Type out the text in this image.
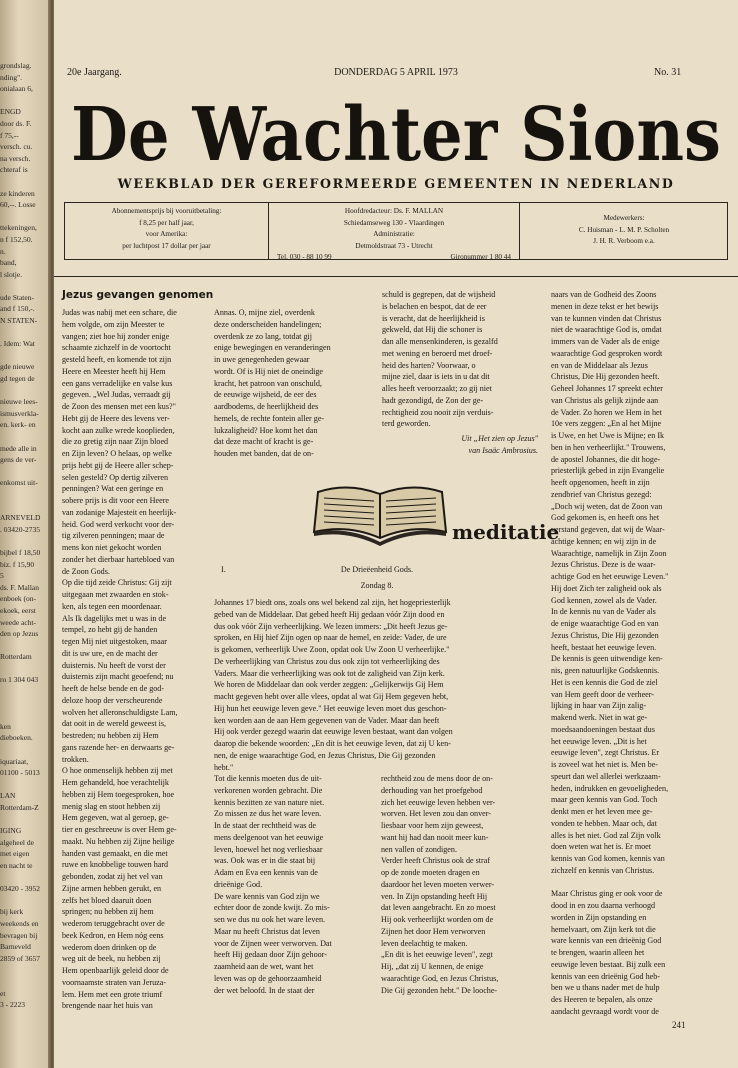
grondslag.
nding".
onialaan 6,
ENGD
door ds. F.
f 75,--
versch. cu.
na versch.
chteraf is
ze kinderen
60,--. Losse
ttekeningen,
n f 152,50.
n.
band,
l slotje.
ude Staten-
and f 150,-.
N STATEN-
. Idem: Wat
gde nieuwe
gd tegen de
nieuwe lees-
ismusverkla-
en. kerk- en
mede alle in
gens de ver-
enkomst uit-
ARNEVELD
. 03420-2735
bijbel f 18,50
biz. f 15,90
5
ds. F. Mallan
enboek (on-
ekoek, eerst
weede acht-
den op Jezus
Rotterdam
ro 1 304 043
ken
dieboeken.
iquariaat,
01100 - 5013
LAN
Rotterdam-Z
IGING
algeheel de
met eigen
en nacht te
03420 - 3952
bij kerk
weekends en
bevragen bij
Barneveld
2859 of 3657
et
3 - 2223
20e Jaargang.	DONDERDAG 5 APRIL 1973	No. 31
De Wachter Sions
WEEKBLAD DER GEREFORMEERDE GEMEENTEN IN NEDERLAND
Abonnementsprijs bij vooruitbetaling:
f 8,25 per half jaar,
voor Amerika:
per luchtpost 17 dollar per jaar
Hoofdredacteur: Ds. F. MALLAN
Schiedamseweg 130 - Vlaardingen
Administratie:
Detmoldstraat 73 - Utrecht
Tel. 030 - 88 10 99	Gironummer 1 80 44
Medewerkers:
C. Huisman - L. M. P. Scholten
J. H. R. Verboom e.a.
Jezus gevangen genomen
Judas was nabij met een schare, die
hem volgde, om zijn Meester te
vangen; ziet hoe hij zonder enige
schaamte zichzelf in de voortocht
gesteld heeft, en komende tot zijn
Heere en Meester heeft hij Hem
een gans verradelijke en valse kus
gegeven. „Wel Judas, verraadt gij
de Zoon des mensen met een kus?"
Hebt gij de Heere des levens ver-
kocht aan zulke wrede kooplieden,
die zo gretig zijn naar Zijn bloed
en Zijn leven? O helaas, op welke
prijs hebt gij de Heere aller schep-
selen gesteld? Op dertig zilveren
penningen? Wat een geringe en
sobere prijs is dit voor een Heere
van zodanige Majesteit en heerlijk-
heid. God werd verkocht voor der-
tig zilveren penningen; maar de
mens kon niet gekocht worden
zonder het dierbaar hartebloed van
de Zoon Gods.
Op die tijd zeide Christus: Gij zijt
uitgegaan met zwaarden en stok-
ken, als tegen een moordenaar.
Als Ik dagelijks met u was in de
tempel, zo hebt gij de handen
tegen Mij niet uitgestoken, maar
dit is uw ure, en de macht der
duisternis. Nu heeft de vorst der
duisternis zijn macht geoefend; nu
heeft de helse bende en de god-
deloze hoop der verscheurende
wolven het alleronschuldigste Lam,
dat ooit in de wereld geweest is,
bestreden; nu hebben zij Hem
gans razende her- en derwaarts ge-
trokken.
O hoe onmenselijk hebben zij met
Hem gehandeld, hoe verachtelijk
hebben zij Hem toegesproken, hoe
menig slag en stoot hebben zij
Hem gegeven, wat al geroep, ge-
tier en geschreeuw is over Hem ge-
maakt. Nu hebben zij Zijne heilige
handen vast gemaakt, en die met
ruwe en knobbelige touwen hard
gebonden, zodat zij het vel van
Zijne armen hebben gerukt, en
zelfs het bloed daaruit doen
springen; nu hebben zij hem
wederom teruggebracht over de
beek Kedron, en Hem nóg eens
wederom doen drinken op de
weg uit de beek, nu hebben zij
Hem openbaarlijk geleid door de
voornaamste straten van Jeruza-
lem. Hem met een grote triumf
brengende naar het huis van
Annas. O, mijne ziel, overdenk
deze onderscheiden handelingen;
overdenk ze zo lang, totdat gij
enige bewegingen en veranderingen
in uwe genegenheden gewaar
wordt. Of is Hij niet de oneindige
kracht, het patroon van onschuld,
de eeuwige wijsheid, de eer des
aardbodems, de heerlijkheid des
hemels, de rechte fontein aller ge-
lukzaligheid? Hoe komt het dan
dat deze macht of kracht is ge-
houden met banden, dat de on-
schuld is gegrepen, dat de wijsheid
is belachen en bespot, dat de eer
is veracht, dat de heerlijkheid is
gekweld, dat Hij die schoner is
dan alle mensenkinderen, is gezalfd
met wening en beroerd met droef-
heid des harten? Voorwaar, o
mijne ziel, daar is iets in u dat dit
alles heeft veroorzaakt; zo gij niet
hadt gezondigd, de Zon der ge-
rechtigheid zou nooit zijn verduis-
terd geworden.
Uit „Het zien op Jezus"
van Isaäc Ambrosius.
meditatie
I.	De Drieëenheid Gods.
Zondag 8.
Johannes 17 biedt ons, zoals ons wel bekend zal zijn, het hogepriesterlijk
gebed van de Middelaar. Dat gebed heeft Hij gedaan vóór Zijn dood en
dus ook vóór Zijn verheerlijking. We lezen immers: „Dit heeft Jezus ge-
sproken, en Hij hief Zijn ogen op naar de hemel, en zeide: Vader, de ure
is gekomen, verheerlijk Uwe Zoon, opdat ook Uw Zoon U verheerlijke."
De verheerlijking van Christus zou dus ook zijn tot verheerlijking des
Vaders. Maar die verheerlijking was ook tot de zaligheid van Zijn kerk.
We horen de Middelaar dan ook verder zeggen: „Gelijkerwijs Gij Hem
macht gegeven hebt over alle vlees, opdat al wat Gij Hem gegeven hebt,
Hij hun het eeuwige leven geve." Het eeuwige leven moet dus geschon-
ken worden aan de aan Hem gegevenen van de Vader. Maar dan heeft
Hij ook verder gezegd waarin dat eeuwige leven bestaat, want dan volgen
daarop die bekende woorden: „En dit is het eeuwige leven, dat zij U ken-
nen, de enige waarachtige God, en Jezus Christus, Die Gij gezonden
hebt."
Tot die kennis moeten dus de uit-
verkorenen worden gebracht. Die
kennis bezitten ze van nature niet.
Zo missen ze dus het ware leven.
In de staat der rechtheid was de
mens deelgenoot van het eeuwige
leven, hoewel het nog verliesbaar
was. Ook was er in die staat bij
Adam en Eva een kennis van de
drieënige God.
De ware kennis van God zijn we
echter door de zonde kwijt. Zo mis-
sen we dus nu ook het ware leven.
Maar nu heeft Christus dat leven
voor de Zijnen weer verworven. Dat
heeft Hij gedaan door Zijn gehoor-
zaamheid aan de wet, want het
leven was op de gehoorzaamheid
der wet beloofd. In de staat der
rechtheid zou de mens door de on-
derhouding van het proefgebod
zich het eeuwige leven hebben ver-
worven. Het leven zou dan onver-
liesbaar voor hem zijn geweest,
want hij had dan nooit meer kun-
nen vallen of zondigen.
Verder heeft Christus ook de straf
op de zonde moeten dragen en
daardoor het leven moeten verwer-
ven. In Zijn opstanding heeft Hij
dat leven aangebracht. En zo moest
Hij ook verheerlijkt worden om de
Zijnen het door Hem verworven
leven deelachtig te maken.
„En dit is het eeuwige leven", zegt
Hij, „dat zij U kennen, de enige
waarachtige God, en Jezus Christus,
Die Gij gezonden hebt." De looche-
naars van de Godheid des Zoons
menen in deze tekst er het bewijs
van te kunnen vinden dat Christus
niet de waarachtige God is, omdat
immers van de Vader als de enige
waarachtige God gesproken wordt
en van de Middelaar als Jezus
Christus, Die Hij gezonden heeft.
Geheel Johannes 17 spreekt echter
van Christus als gelijk zijnde aan
de Vader. Zo horen we Hem in het
10e vers zeggen: „En al het Mijne
is Uwe, en het Uwe is Mijne; en Ik
ben in hen verheerlijkt." Trouwens,
de apostel Johannes, die dit hoge-
priesterlijk gebed in zijn Evangelie
heeft opgenomen, heeft in zijn
zendbrief van Christus gezegd:
„Doch wij weten, dat de Zoon van
God gekomen is, en heeft ons het
verstand gegeven, dat wij de Waar-
achtige kennen; en wij zijn in de
Waarachtige, namelijk in Zijn Zoon
Jezus Christus. Deze is de waar-
achtige God en het eeuwige Leven."
Hij doet Zich ter zaligheid ook als
God kennen, zowel als de Vader.
In de kennis nu van de Vader als
de enige waarachtige God en van
Jezus Christus, Die Hij gezonden
heeft, bestaat het eeuwige leven.
De kennis is geen uitwendige ken-
nis, geen natuurlijke Godskennis.
Het is een kennis die God de ziel
van Hem geeft door de verheer-
lijking in haar van Zijn zalig-
makend werk. Niet in wat ge-
moedsaandoeningen bestaat dus
het eeuwige leven. „Dit is het
eeuwige leven", zegt Christus. Er
is zoveel wat het niet is. Men be-
speurt dan wel allerlei werkzaam-
heden, indrukken en gevoeligheden,
maar geen kennis van God. Toch
denkt men er het leven mee ge-
vonden te hebben. Maar och, dat
alles is het niet. God zal Zijn volk
doen weten wat het is. Er moet
kennis van God komen, kennis van
zichzelf en kennis van Christus.
Maar Christus ging er ook voor de
dood in en zou daarna verhoogd
worden in Zijn opstanding en
hemelvaart, om Zijn kerk tot die
ware kennis van een drieënig God
te brengen, waarin alleen het
eeuwige leven bestaat. Bij zulk een
kennis van een drieënig God heb-
ben we u thans nader met de hulp
des Heeren te bepalen, als onze
aandacht gevraagd wordt voor de
241
